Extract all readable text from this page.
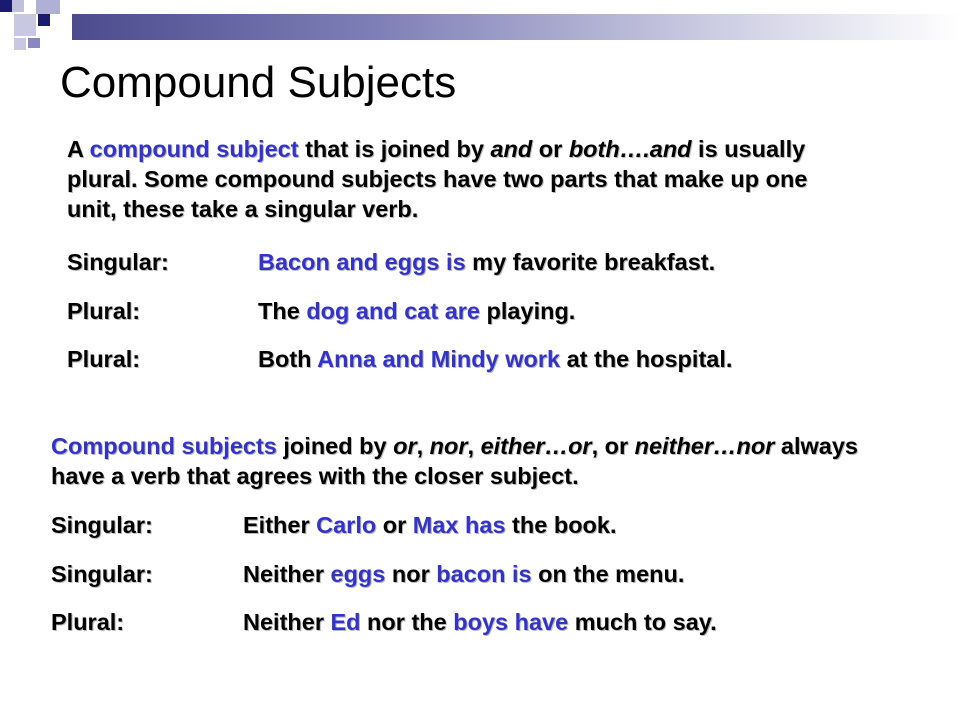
Compound Subjects

A compound subject that is joined by and or both….and is usually plural. Some compound subjects have two parts that make up one unit, these take a singular verb.

Singular:	Bacon and eggs is my favorite breakfast.
Plural:	The dog and cat are playing.
Plural:	Both Anna and Mindy work at the hospital.

Compound subjects joined by or, nor, either…or, or neither…nor always have a verb that agrees with the closer subject.

Singular:	Either Carlo or Max has the book.
Singular:	Neither eggs nor bacon is on the menu.
Plural:	Neither Ed nor the boys have much to say.
